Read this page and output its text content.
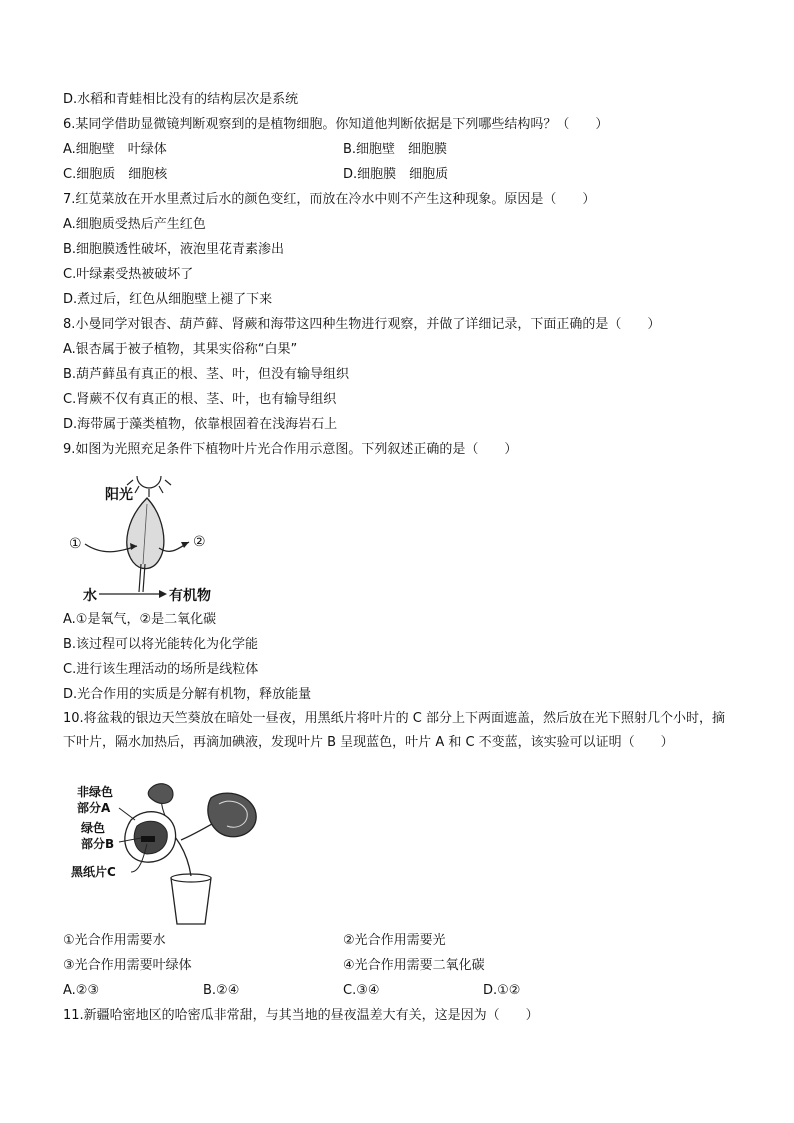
D.水稻和青蛙相比没有的结构层次是系统
6.某同学借助显微镜判断观察到的是植物细胞。你知道他判断依据是下列哪些结构吗？（　　）
A.细胞壁　叶绿体	B.细胞壁　细胞膜
C.细胞质　细胞核	D.细胞膜　细胞质
7.红苋菜放在开水里煮过后水的颜色变红，而放在冷水中则不产生这种现象。原因是（　　）
A.细胞质受热后产生红色
B.细胞膜透性破坏，液泡里花青素渗出
C.叶绿素受热被破坏了
D.煮过后，红色从细胞壁上褪了下来
8.小曼同学对银杏、葫芦藓、肾蕨和海带这四种生物进行观察，并做了详细记录，下面正确的是（　　）
A.银杏属于被子植物，其果实俗称“白果”
B.葫芦藓虽有真正的根、茎、叶，但没有输导组织
C.肾蕨不仅有真正的根、茎、叶，也有输导组织
D.海带属于藻类植物，依靠根固着在浅海岩石上
9.如图为光照充足条件下植物叶片光合作用示意图。下列叙述正确的是（　　）
阳光
①	②
水	有机物
A.①是氧气，②是二氧化碳
B.该过程可以将光能转化为化学能
C.进行该生理活动的场所是线粒体
D.光合作用的实质是分解有机物，释放能量
10.将盆栽的银边天竺葵放在暗处一昼夜，用黑纸片将叶片的 C 部分上下两面遮盖，然后放在光下照射几个小时，摘下叶片，隔水加热后，再滴加碘液，发现叶片 B 呈现蓝色，叶片 A 和 C 不变蓝，该实验可以证明（　　）
非绿色
部分A
绿色
部分B
黑纸片C
①光合作用需要水	②光合作用需要光
③光合作用需要叶绿体	④光合作用需要二氧化碳
A.②③	B.②④	C.③④	D.①②
11.新疆哈密地区的哈密瓜非常甜，与其当地的昼夜温差大有关，这是因为（　　）
